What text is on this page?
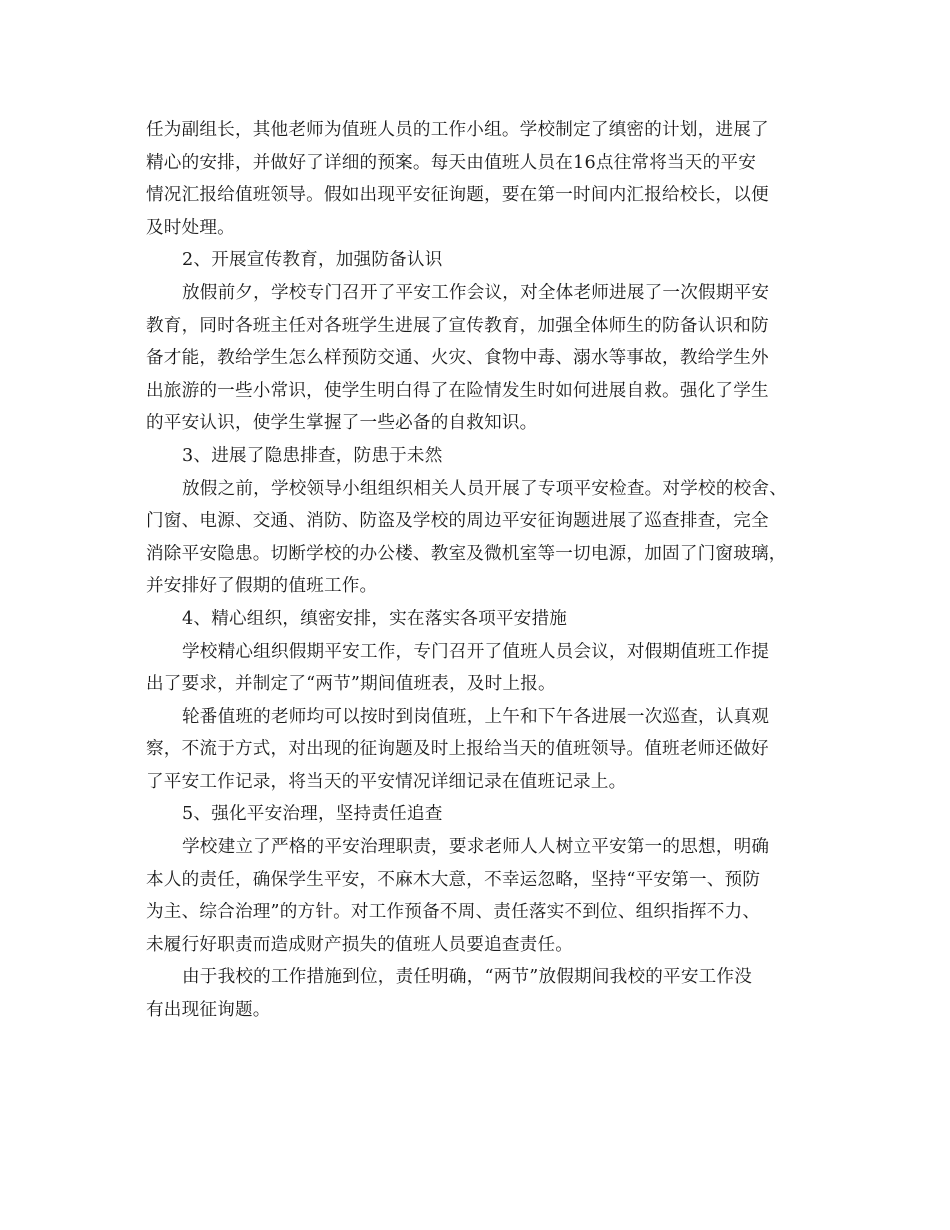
任为副组长，其他老师为值班人员的工作小组。学校制定了缜密的计划，进展了
精心的安排，并做好了详细的预案。每天由值班人员在16点往常将当天的平安
情况汇报给值班领导。假如出现平安征询题，要在第一时间内汇报给校长，以便
及时处理。
2、开展宣传教育，加强防备认识
放假前夕，学校专门召开了平安工作会议，对全体老师进展了一次假期平安
教育，同时各班主任对各班学生进展了宣传教育，加强全体师生的防备认识和防
备才能，教给学生怎么样预防交通、火灾、食物中毒、溺水等事故，教给学生外
出旅游的一些小常识，使学生明白得了在险情发生时如何进展自救。强化了学生
的平安认识，使学生掌握了一些必备的自救知识。
3、进展了隐患排查，防患于未然
放假之前，学校领导小组组织相关人员开展了专项平安检查。对学校的校舍、
门窗、电源、交通、消防、防盗及学校的周边平安征询题进展了巡查排查，完全
消除平安隐患。切断学校的办公楼、教室及微机室等一切电源，加固了门窗玻璃，
并安排好了假期的值班工作。
4、精心组织，缜密安排，实在落实各项平安措施
学校精心组织假期平安工作，专门召开了值班人员会议，对假期值班工作提
出了要求，并制定了“两节”期间值班表，及时上报。
轮番值班的老师均可以按时到岗值班，上午和下午各进展一次巡查，认真观
察，不流于方式，对出现的征询题及时上报给当天的值班领导。值班老师还做好
了平安工作记录，将当天的平安情况详细记录在值班记录上。
5、强化平安治理，坚持责任追查
学校建立了严格的平安治理职责，要求老师人人树立平安第一的思想，明确
本人的责任，确保学生平安，不麻木大意，不幸运忽略，坚持“平安第一、预防
为主、综合治理”的方针。对工作预备不周、责任落实不到位、组织指挥不力、
未履行好职责而造成财产损失的值班人员要追查责任。
由于我校的工作措施到位，责任明确，“两节”放假期间我校的平安工作没
有出现征询题。
